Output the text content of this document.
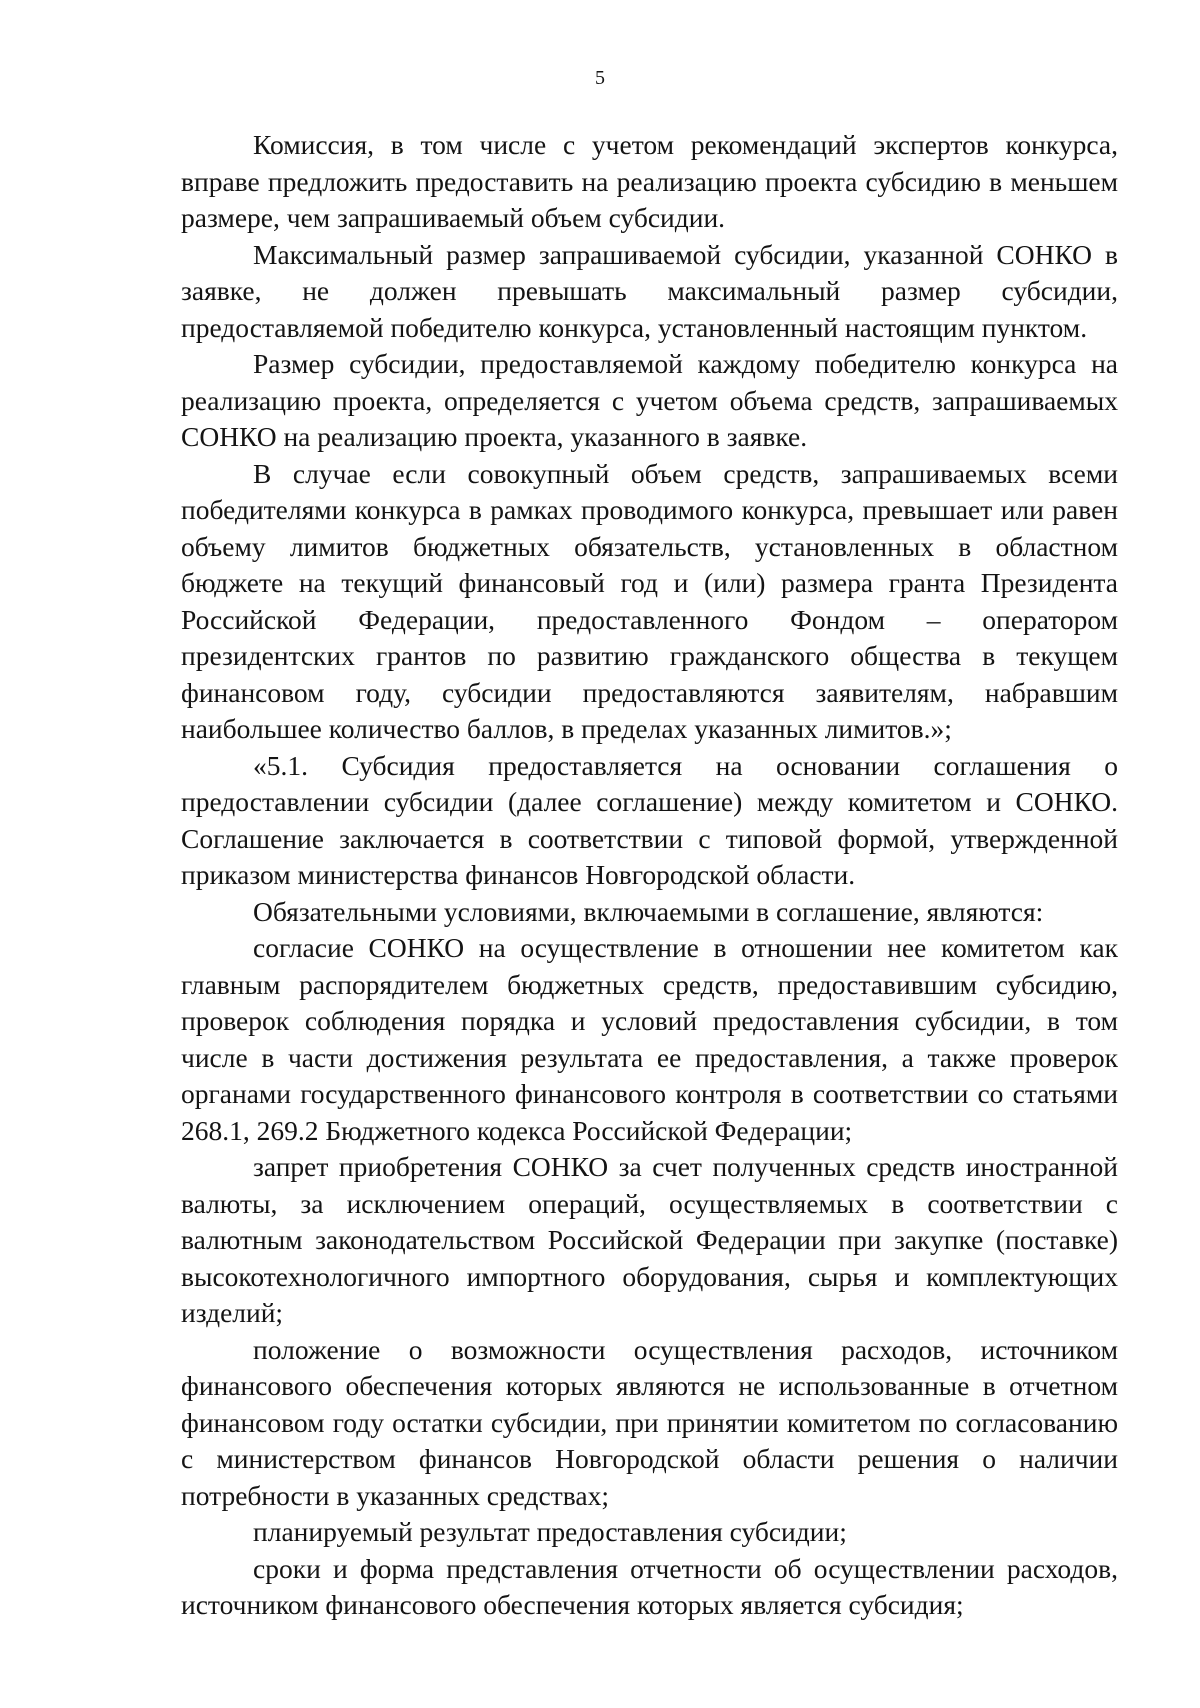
5

Комиссия, в том числе с учетом рекомендаций экспертов конкурса, вправе предложить предоставить на реализацию проекта субсидию в меньшем размере, чем запрашиваемый объем субсидии.

Максимальный размер запрашиваемой субсидии, указанной СОНКО в заявке, не должен превышать максимальный размер субсидии, предоставляемой победителю конкурса, установленный настоящим пунктом.

Размер субсидии, предоставляемой каждому победителю конкурса на реализацию проекта, определяется с учетом объема средств, запрашиваемых СОНКО на реализацию проекта, указанного в заявке.

В случае если совокупный объем средств, запрашиваемых всеми победителями конкурса в рамках проводимого конкурса, превышает или равен объему лимитов бюджетных обязательств, установленных в областном бюджете на текущий финансовый год и (или) размера гранта Президента Российской Федерации, предоставленного Фондом – оператором президентских грантов по развитию гражданского общества в текущем финансовом году, субсидии предоставляются заявителям, набравшим наибольшее количество баллов, в пределах указанных лимитов.»;

«5.1. Субсидия предоставляется на основании соглашения о предоставлении субсидии (далее соглашение) между комитетом и СОНКО. Соглашение заключается в соответствии с типовой формой, утвержденной приказом министерства финансов Новгородской области.

Обязательными условиями, включаемыми в соглашение, являются:

согласие СОНКО на осуществление в отношении нее комитетом как главным распорядителем бюджетных средств, предоставившим субсидию, проверок соблюдения порядка и условий предоставления субсидии, в том числе в части достижения результата ее предоставления, а также проверок органами государственного финансового контроля в соответствии со статьями 268.1, 269.2 Бюджетного кодекса Российской Федерации;

запрет приобретения СОНКО за счет полученных средств иностранной валюты, за исключением операций, осуществляемых в соответствии с валютным законодательством Российской Федерации при закупке (поставке) высокотехнологичного импортного оборудования, сырья и комплектующих изделий;

положение о возможности осуществления расходов, источником финансового обеспечения которых являются не использованные в отчетном финансовом году остатки субсидии, при принятии комитетом по согласованию с министерством финансов Новгородской области решения о наличии потребности в указанных средствах;

планируемый результат предоставления субсидии;

сроки и форма представления отчетности об осуществлении расходов, источником финансового обеспечения которых является субсидия;
